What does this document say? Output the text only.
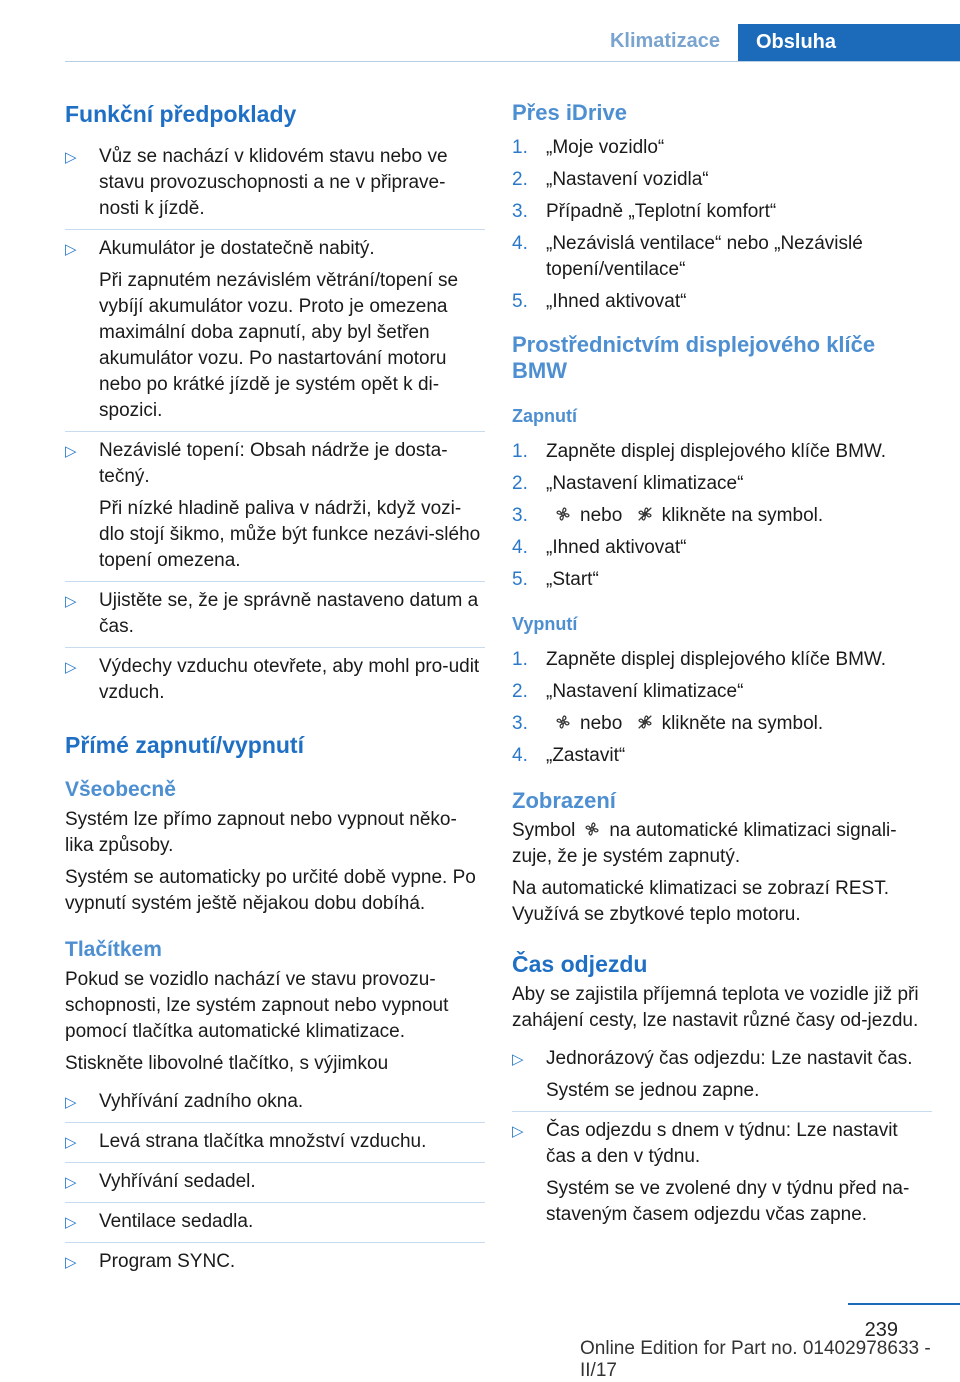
Klimatizace	Obsluha
Funkční předpoklady
▷ Vůz se nachází v klidovém stavu nebo ve stavu provozuschopnosti a ne v připrave-nosti k jízdě.
▷ Akumulátor je dostatečně nabitý.
Při zapnutém nezávislém větrání/topení se vybíjí akumulátor vozu. Proto je omezena maximální doba zapnutí, aby byl šetřen akumulátor vozu. Po nastartování motoru nebo po krátké jízdě je systém opět k di-spozici.
▷ Nezávislé topení: Obsah nádrže je dosta-tečný.
Při nízké hladině paliva v nádrži, když vozi-dlo stojí šikmo, může být funkce nezávi-slého topení omezena.
▷ Ujistěte se, že je správně nastaveno datum a čas.
▷ Výdechy vzduchu otevřete, aby mohl pro-udit vzduch.
Přímé zapnutí/vypnutí
Všeobecně

Systém lze přímo zapnout nebo vypnout něko-lika způsoby.

Systém se automaticky po určité době vypne. Po vypnutí systém ještě nějakou dobu dobíhá.

Tlačítkem

Pokud se vozidlo nachází ve stavu provozu-schopnosti, lze systém zapnout nebo vypnout pomocí tlačítka automatické klimatizace.

Stiskněte libovolné tlačítko, s výjimkou

▷ Vyhřívání zadního okna.
▷ Levá strana tlačítka množství vzduchu.
▷ Vyhřívání sedadel.
▷ Ventilace sedadla.
▷ Program SYNC.
Přes iDrive
1. „Moje vozidlo“
2. „Nastavení vozidla“
3. Případně „Teplotní komfort“
4. „Nezávislá ventilace“ nebo „Nezávislé topení/ventilace“
5. „Ihned aktivovat“
Prostřednictvím displejového klíče BMW
Zapnutí
1. Zapněte displej displejového klíče BMW.
2. „Nastavení klimatizace“
3.	nebo klikněte na symbol.
4. „Ihned aktivovat“
5. „Start“
Vypnutí
1. Zapněte displej displejového klíče BMW.
2. „Nastavení klimatizace“
3.	nebo klikněte na symbol.
4. „Zastavit“
Zobrazení

Symbol na automatické klimatizaci signali-zuje, že je systém zapnutý.

Na automatické klimatizaci se zobrazí REST. Využívá se zbytkové teplo motoru.

Čas odjezdu

Aby se zajistila příjemná teplota ve vozidle již při zahájení cesty, lze nastavit různé časy od-jezdu.

▷ Jednorázový čas odjezdu: Lze nastavit čas.
Systém se jednou zapne.
▷ Čas odjezdu s dnem v týdnu: Lze nastavit čas a den v týdnu.
Systém se ve zvolené dny v týdnu před na-staveným časem odjezdu včas zapne.
239
Online Edition for Part no. 01402978633 - II/17
